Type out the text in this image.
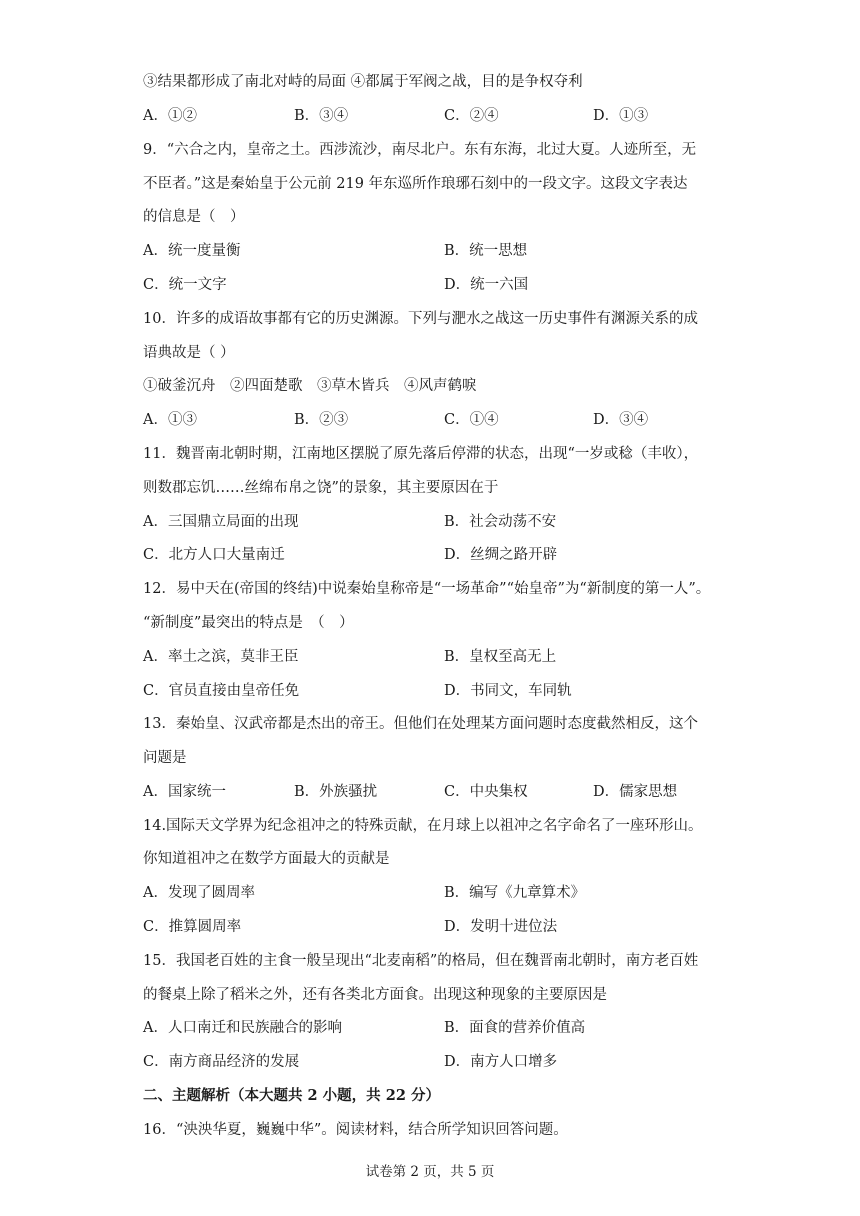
③结果都形成了南北对峙的局面 ④都属于军阀之战，目的是争权夺利
A．①②	B．③④	C．②④	D．①③
9．“六合之内，皇帝之土。西涉流沙，南尽北户。东有东海，北过大夏。人迹所至，无
不臣者。”这是秦始皇于公元前 219 年东巡所作琅琊石刻中的一段文字。这段文字表达
的信息是（　）
A．统一度量衡	B．统一思想
C．统一文字	D．统一六国
10．许多的成语故事都有它的历史渊源。下列与淝水之战这一历史事件有渊源关系的成
语典故是（ ）
①破釜沉舟　②四面楚歌　③草木皆兵　④风声鹤唳
A．①③	B．②③	C．①④	D．③④
11．魏晋南北朝时期，江南地区摆脱了原先落后停滞的状态，出现“一岁或稔（丰收），
则数郡忘饥……丝绵布帛之饶”的景象，其主要原因在于
A．三国鼎立局面的出现	B．社会动荡不安
C．北方人口大量南迁	D．丝绸之路开辟
12．易中天在(帝国的终结)中说秦始皇称帝是“一场革命”“始皇帝”为“新制度的第一人”。
“新制度”最突出的特点是　（　）
A．率土之滨，莫非王臣	B．皇权至高无上
C．官员直接由皇帝任免	D．书同文，车同轨
13．秦始皇、汉武帝都是杰出的帝王。但他们在处理某方面问题时态度截然相反，这个
问题是
A．国家统一	B．外族骚扰	C．中央集权	D．儒家思想
14.国际天文学界为纪念祖冲之的特殊贡献，在月球上以祖冲之名字命名了一座环形山。
你知道祖冲之在数学方面最大的贡献是
A．发现了圆周率	B．编写《九章算术》
C．推算圆周率	D．发明十进位法
15．我国老百姓的主食一般呈现出“北麦南稻”的格局，但在魏晋南北朝时，南方老百姓
的餐桌上除了稻米之外，还有各类北方面食。出现这种现象的主要原因是
A．人口南迁和民族融合的影响	B．面食的营养价值高
C．南方商品经济的发展	D．南方人口增多
二、主题解析（本大题共 2 小题，共 22 分）
16．“泱泱华夏，巍巍中华”。阅读材料，结合所学知识回答问题。
试卷第 2 页，共 5 页
